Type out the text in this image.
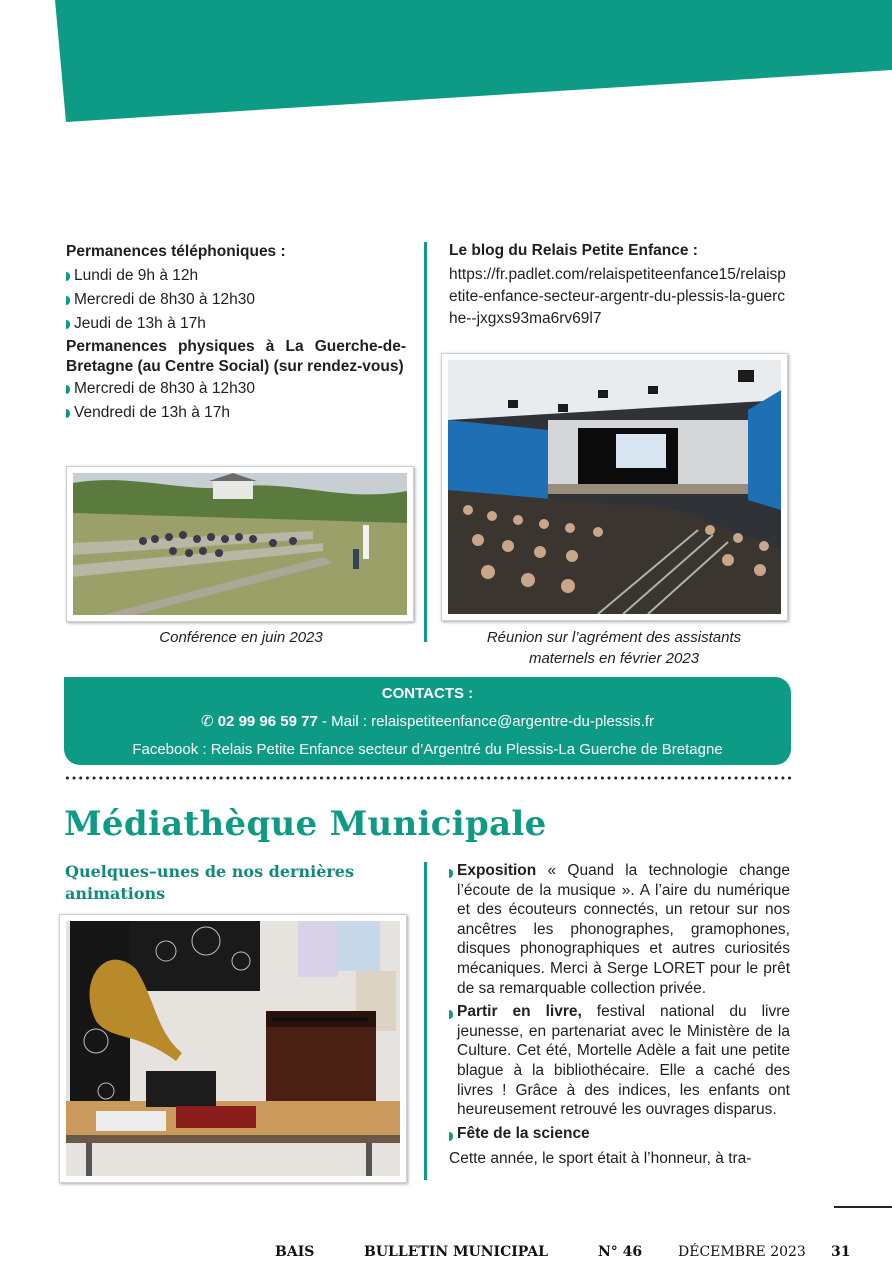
Permanences téléphoniques :
Lundi de 9h à 12h
Mercredi de 8h30 à 12h30
Jeudi de 13h à 17h
Permanences physiques à La Guerche-de-Bretagne (au Centre Social) (sur rendez-vous)
Mercredi de 8h30 à 12h30
Vendredi de 13h à 17h
Le blog du Relais Petite Enfance :
https://fr.padlet.com/relaispetiteenfance15/relaispetite-enfance-secteur-argentr-du-plessis-la-guerche--jxgxs93ma6rv69l7
Conférence en juin 2023	Réunion sur l’agrément des assistants maternels en février 2023
CONTACTS :
✆ 02 99 96 59 77 - Mail : relaispetiteenfance@argentre-du-plessis.fr
Facebook : Relais Petite Enfance secteur d’Argentré du Plessis-La Guerche de Bretagne
Médiathèque Municipale
Quelques–unes de nos dernières animations

Exposition « Quand la technologie change l’écoute de la musique ». A l’aire du numérique et des écouteurs connectés, un retour sur nos ancêtres les phonographes, gramophones, disques phonographiques et autres curiosités mécaniques. Merci à Serge LORET pour le prêt de sa remarquable collection privée.

Partir en livre, festival national du livre jeunesse, en partenariat avec le Ministère de la Culture. Cet été, Mortelle Adèle a fait une petite blague à la bibliothécaire. Elle a caché des livres ! Grâce à des indices, les enfants ont heureusement retrouvé les ouvrages disparus.

Fête de la science

Cette année, le sport était à l’honneur, à tra-

BAIS	BULLETIN MUNICIPAL	N° 46	DÉCEMBRE 2023 31
